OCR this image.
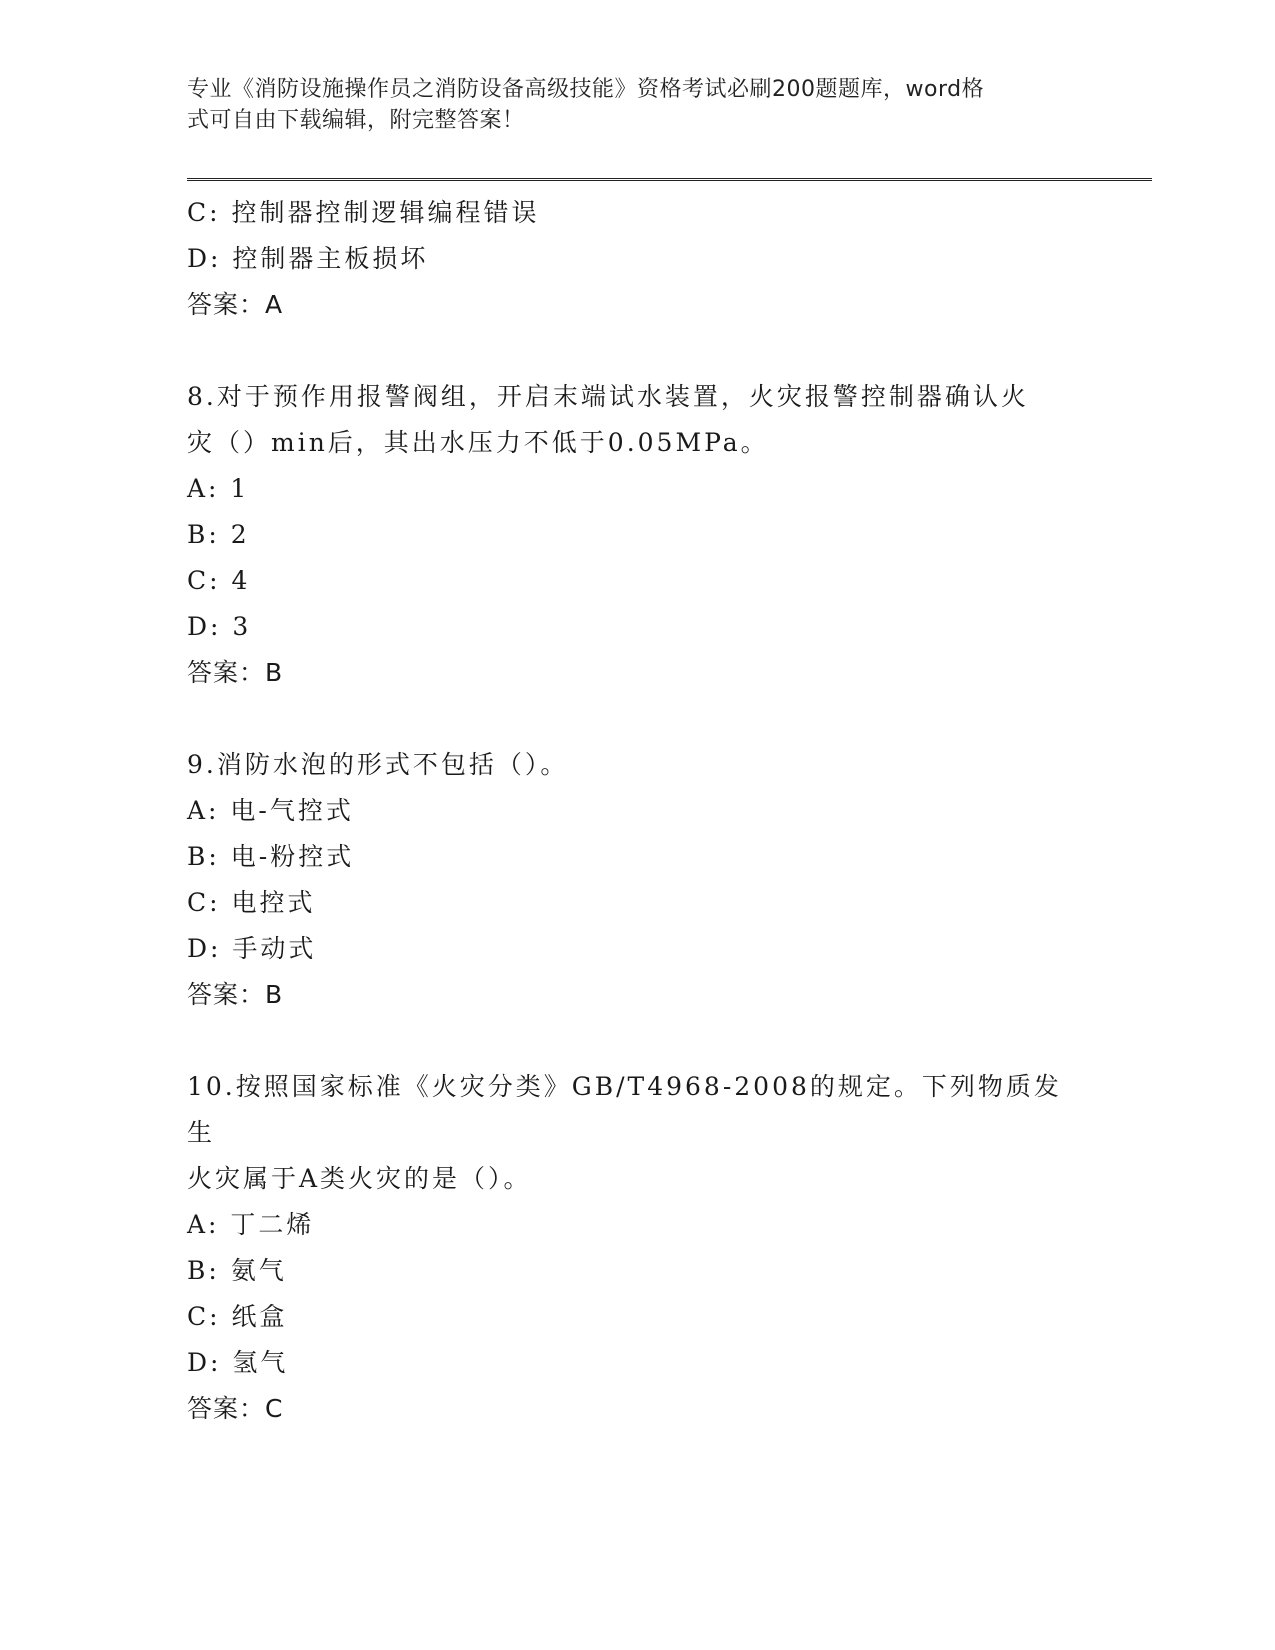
专业《消防设施操作员之消防设备高级技能》资格考试必刷200题题库，word格
式可自由下载编辑，附完整答案！
C: 控制器控制逻辑编程错误
D: 控制器主板损坏
答案：A
8.对于预作用报警阀组，开启末端试水装置，火灾报警控制器确认火
灾（）min后，其出水压力不低于0.05MPa。
A: 1
B: 2
C: 4
D: 3
答案：B
9.消防水泡的形式不包括（）。
A: 电-气控式
B: 电-粉控式
C: 电控式
D: 手动式
答案：B
10.按照国家标准《火灾分类》GB/T4968-2008的规定。下列物质发生
火灾属于A类火灾的是（）。
A: 丁二烯
B: 氨气
C: 纸盒
D: 氢气
答案：C
